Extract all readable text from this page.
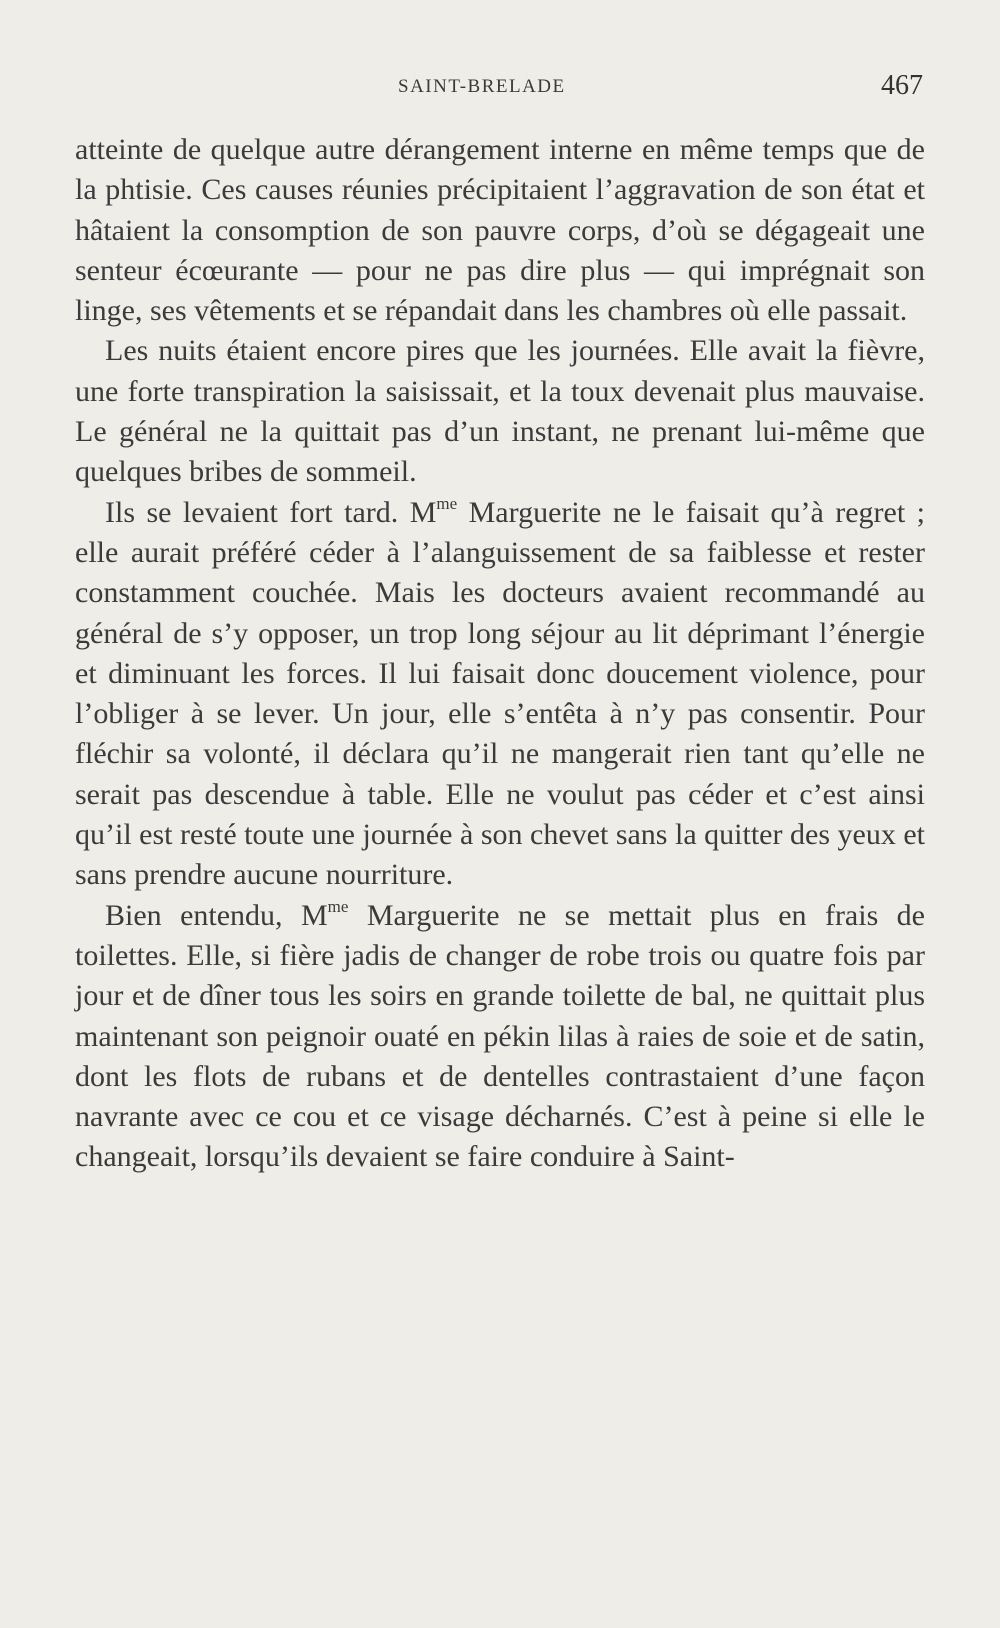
SAINT-BRELADE	467

atteinte de quelque autre dérangement interne en même temps que de la phtisie. Ces causes réunies précipitaient l’aggravation de son état et hâtaient la consomption de son pauvre corps, d’où se dégageait une senteur écœurante — pour ne pas dire plus — qui imprégnait son linge, ses vêtements et se répandait dans les chambres où elle passait.

Les nuits étaient encore pires que les journées. Elle avait la fièvre, une forte transpiration la saisissait, et la toux devenait plus mauvaise. Le général ne la quittait pas d’un instant, ne prenant lui-même que quelques bribes de sommeil.

Ils se levaient fort tard. $M^{me}$ Marguerite ne le faisait qu’à regret ; elle aurait préféré céder à l’alanguissement de sa faiblesse et rester constamment couchée. Mais les docteurs avaient recommandé au général de s’y opposer, un trop long séjour au lit déprimant l’énergie et diminuant les forces. Il lui faisait donc doucement violence, pour l’obliger à se lever. Un jour, elle s’entêta à n’y pas consentir. Pour fléchir sa volonté, il déclara qu’il ne mangerait rien tant qu’elle ne serait pas descendue à table. Elle ne voulut pas céder et c’est ainsi qu’il est resté toute une journée à son chevet sans la quitter des yeux et sans prendre aucune nourriture.

Bien entendu, $M^{me}$ Marguerite ne se mettait plus en frais de toilettes. Elle, si fière jadis de changer de robe trois ou quatre fois par jour et de dîner tous les soirs en grande toilette de bal, ne quittait plus maintenant son peignoir ouaté en pékin lilas à raies de soie et de satin, dont les flots de rubans et de dentelles contrastaient d’une façon navrante avec ce cou et ce visage décharnés. C’est à peine si elle le changeait, lorsqu’ils devaient se faire conduire à Saint-
